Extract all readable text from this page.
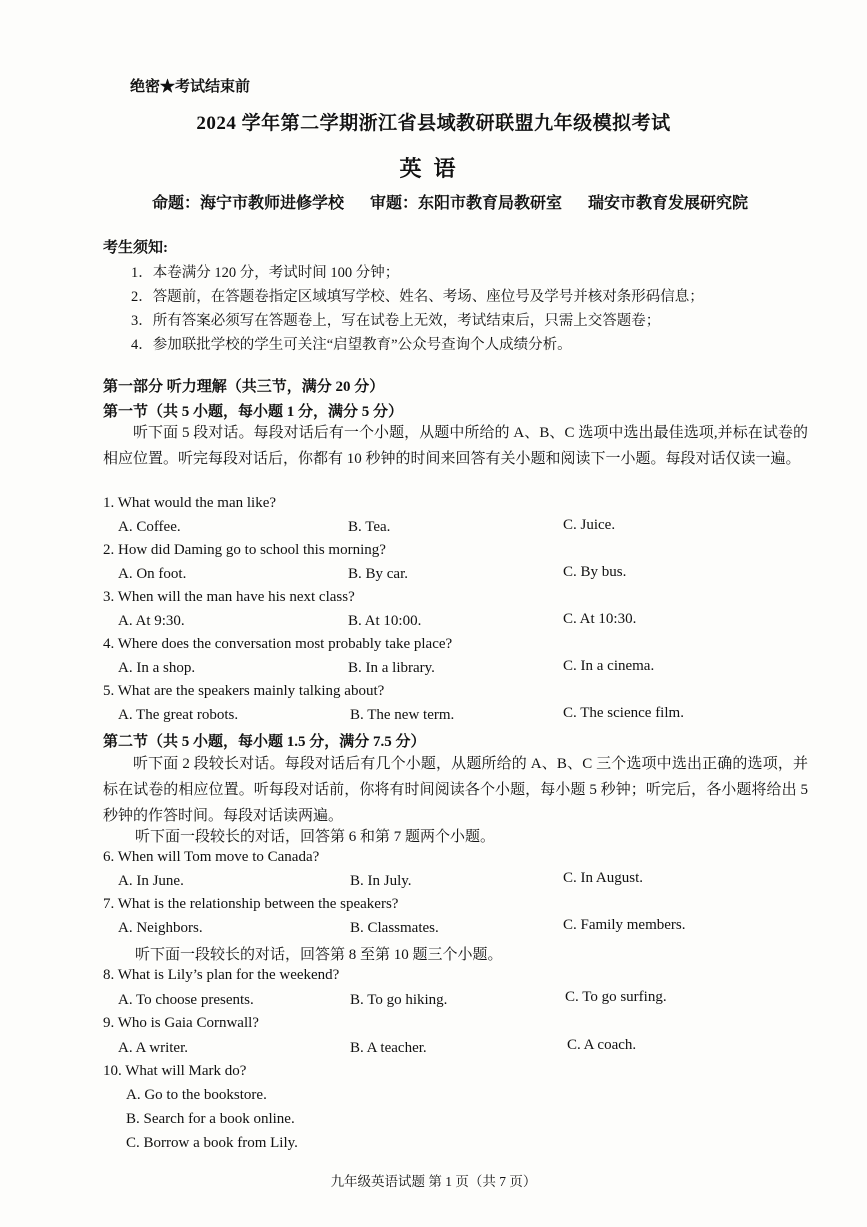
绝密★考试结束前
2024 学年第二学期浙江省县域教研联盟九年级模拟考试
英语
命题：海宁市教师进修学校 审题：东阳市教育局教研室 瑞安市教育发展研究院
考生须知:
1．本卷满分 120 分，考试时间 100 分钟；
2．答题前，在答题卷指定区域填写学校、姓名、考场、座位号及学号并核对条形码信息；
3．所有答案必须写在答题卷上，写在试卷上无效，考试结束后，只需上交答题卷；
4．参加联批学校的学生可关注“启望教育”公众号查询个人成绩分析。
第一部分 听力理解（共三节，满分 20 分）
第一节（共 5 小题，每小题 1 分，满分 5 分）
听下面 5 段对话。每段对话后有一个小题，从题中所给的 A、B、C 选项中选出最佳选项,并标在试卷的相应位置。听完每段对话后，你都有 10 秒钟的时间来回答有关小题和阅读下一小题。每段对话仅读一遍。
1. What would the man like?
A. Coffee.	B. Tea.	C. Juice.
2. How did Daming go to school this morning?
A. On foot.	B. By car.	C. By bus.
3. When will the man have his next class?
A. At 9:30.	B. At 10:00.	C. At 10:30.
4. Where does the conversation most probably take place?
A. In a shop.	B. In a library.	C. In a cinema.
5. What are the speakers mainly talking about?
A. The great robots.	B. The new term.	C. The science film.
第二节（共 5 小题，每小题 1.5 分，满分 7.5 分）
听下面 2 段较长对话。每段对话后有几个小题，从题所给的 A、B、C 三个选项中选出正确的选项，并标在试卷的相应位置。听每段对话前，你将有时间阅读各个小题，每小题 5 秒钟；听完后，各小题将给出 5 秒钟的作答时间。每段对话读两遍。
听下面一段较长的对话，回答第 6 和第 7 题两个小题。
6. When will Tom move to Canada?
A. In June.	B. In July.	C. In August.
7. What is the relationship between the speakers?
A. Neighbors.	B. Classmates.	C. Family members.
听下面一段较长的对话，回答第 8 至第 10 题三个小题。
8. What is Lily’s plan for the weekend?
A. To choose presents.	B. To go hiking.	C. To go surfing.
9. Who is Gaia Cornwall?
A. A writer.	B. A teacher.	C. A coach.
10. What will Mark do?
A. Go to the bookstore.
B. Search for a book online.
C. Borrow a book from Lily.
九年级英语试题 第 1 页（共 7 页）
